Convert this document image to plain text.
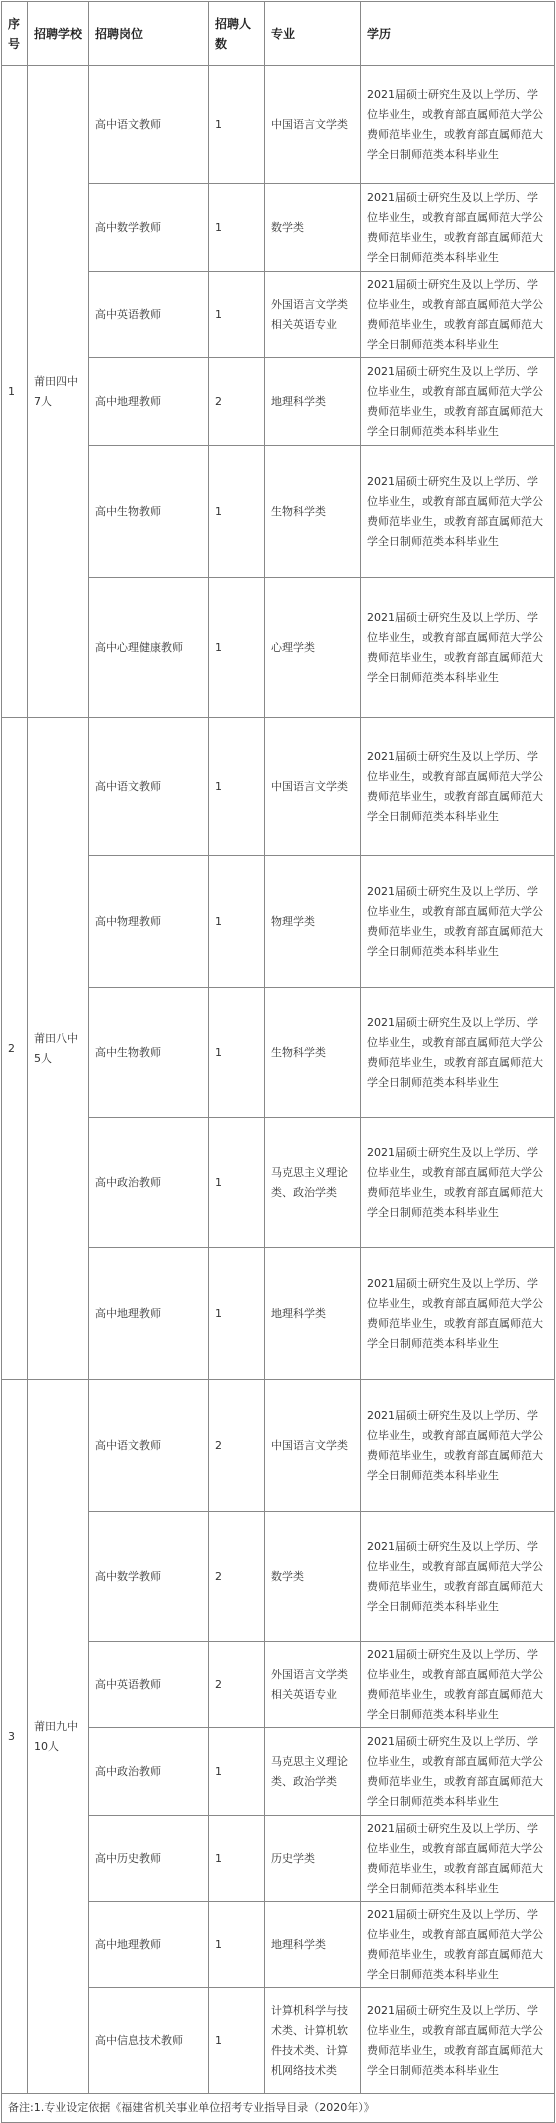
序号	招聘学校	招聘岗位	招聘人数	专业	学历
1	莆田四中7人	高中语文教师	1	中国语言文学类	2021届硕士研究生及以上学历、学位毕业生，或教育部直属师范大学公费师范毕业生，或教育部直属师范大学全日制师范类本科毕业生
		高中数学教师	1	数学类	2021届硕士研究生及以上学历、学位毕业生，或教育部直属师范大学公费师范毕业生，或教育部直属师范大学全日制师范类本科毕业生
		高中英语教师	1	外国语言文学类相关英语专业	2021届硕士研究生及以上学历、学位毕业生，或教育部直属师范大学公费师范毕业生，或教育部直属师范大学全日制师范类本科毕业生
		高中地理教师	2	地理科学类	2021届硕士研究生及以上学历、学位毕业生，或教育部直属师范大学公费师范毕业生，或教育部直属师范大学全日制师范类本科毕业生
		高中生物教师	1	生物科学类	2021届硕士研究生及以上学历、学位毕业生，或教育部直属师范大学公费师范毕业生，或教育部直属师范大学全日制师范类本科毕业生
		高中心理健康教师	1	心理学类	2021届硕士研究生及以上学历、学位毕业生，或教育部直属师范大学公费师范毕业生，或教育部直属师范大学全日制师范类本科毕业生
2	莆田八中5人	高中语文教师	1	中国语言文学类	2021届硕士研究生及以上学历、学位毕业生，或教育部直属师范大学公费师范毕业生，或教育部直属师范大学全日制师范类本科毕业生
		高中物理教师	1	物理学类	2021届硕士研究生及以上学历、学位毕业生，或教育部直属师范大学公费师范毕业生，或教育部直属师范大学全日制师范类本科毕业生
		高中生物教师	1	生物科学类	2021届硕士研究生及以上学历、学位毕业生，或教育部直属师范大学公费师范毕业生，或教育部直属师范大学全日制师范类本科毕业生
		高中政治教师	1	马克思主义理论类、政治学类	2021届硕士研究生及以上学历、学位毕业生，或教育部直属师范大学公费师范毕业生，或教育部直属师范大学全日制师范类本科毕业生
		高中地理教师	1	地理科学类	2021届硕士研究生及以上学历、学位毕业生，或教育部直属师范大学公费师范毕业生，或教育部直属师范大学全日制师范类本科毕业生
3	莆田九中10人	高中语文教师	2	中国语言文学类	2021届硕士研究生及以上学历、学位毕业生，或教育部直属师范大学公费师范毕业生，或教育部直属师范大学全日制师范类本科毕业生
		高中数学教师	2	数学类	2021届硕士研究生及以上学历、学位毕业生，或教育部直属师范大学公费师范毕业生，或教育部直属师范大学全日制师范类本科毕业生
		高中英语教师	2	外国语言文学类相关英语专业	2021届硕士研究生及以上学历、学位毕业生，或教育部直属师范大学公费师范毕业生，或教育部直属师范大学全日制师范类本科毕业生
		高中政治教师	1	马克思主义理论类、政治学类	2021届硕士研究生及以上学历、学位毕业生，或教育部直属师范大学公费师范毕业生，或教育部直属师范大学全日制师范类本科毕业生
		高中历史教师	1	历史学类	2021届硕士研究生及以上学历、学位毕业生，或教育部直属师范大学公费师范毕业生，或教育部直属师范大学全日制师范类本科毕业生
		高中地理教师	1	地理科学类	2021届硕士研究生及以上学历、学位毕业生，或教育部直属师范大学公费师范毕业生，或教育部直属师范大学全日制师范类本科毕业生
		高中信息技术教师	1	计算机科学与技术类、计算机软件技术类、计算机网络技术类	2021届硕士研究生及以上学历、学位毕业生，或教育部直属师范大学公费师范毕业生，或教育部直属师范大学全日制师范类本科毕业生
备注:1.专业设定依据《福建省机关事业单位招考专业指导目录（2020年）》					
